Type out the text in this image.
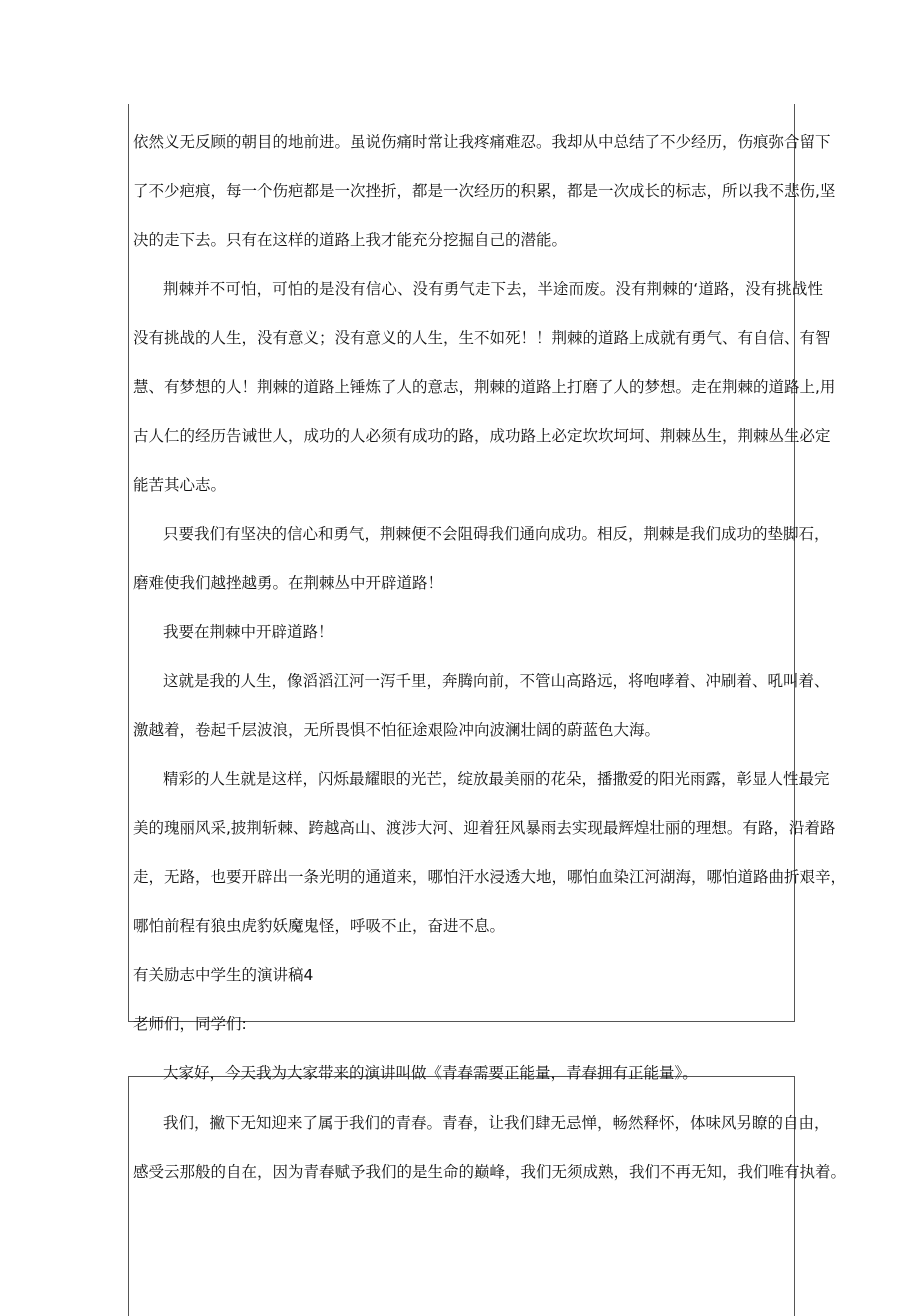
依然义无反顾的朝目的地前进。虽说伤痛时常让我疼痛难忍。我却从中总结了不少经历，伤痕弥合留下
了不少疤痕，每一个伤疤都是一次挫折，都是一次经历的积累，都是一次成长的标志，所以我不悲伤,坚
决的走下去。只有在这样的道路上我才能充分挖掘自己的潜能。
荆棘并不可怕，可怕的是没有信心、没有勇气走下去，半途而废。没有荆棘的‘道路，没有挑战性
没有挑战的人生，没有意义；没有意义的人生，生不如死！！荆棘的道路上成就有勇气、有自信、有智
慧、有梦想的人！荆棘的道路上锤炼了人的意志，荆棘的道路上打磨了人的梦想。走在荆棘的道路上,用
古人仁的经历告诫世人，成功的人必须有成功的路，成功路上必定坎坎坷坷、荆棘丛生，荆棘丛生必定
能苦其心志。
只要我们有坚决的信心和勇气，荆棘便不会阻碍我们通向成功。相反，荆棘是我们成功的垫脚石，
磨难使我们越挫越勇。在荆棘丛中开辟道路！
我要在荆棘中开辟道路！
这就是我的人生，像滔滔江河一泻千里，奔腾向前，不管山高路远，将咆哮着、冲刷着、吼叫着、
激越着，卷起千层波浪，无所畏惧不怕征途艰险冲向波澜壮阔的蔚蓝色大海。
精彩的人生就是这样，闪烁最耀眼的光芒，绽放最美丽的花朵，播撒爱的阳光雨露，彰显人性最完
美的瑰丽风采,披荆斩棘、跨越高山、渡涉大河、迎着狂风暴雨去实现最辉煌壮丽的理想。有路，沿着路
走，无路，也要开辟出一条光明的通道来，哪怕汗水浸透大地，哪怕血染江河湖海，哪怕道路曲折艰辛，
哪怕前程有狼虫虎豹妖魔鬼怪，呼吸不止，奋进不息。
有关励志中学生的演讲稿4
老师们，同学们:
大家好，今天我为大家带来的演讲叫做《青春需要正能量，青春拥有正能量》。
我们，撇下无知迎来了属于我们的青春。青春，让我们肆无忌惮，畅然释怀，体味风另瞭的自由，
感受云那般的自在，因为青春赋予我们的是生命的巅峰，我们无须成熟，我们不再无知，我们唯有执着。
